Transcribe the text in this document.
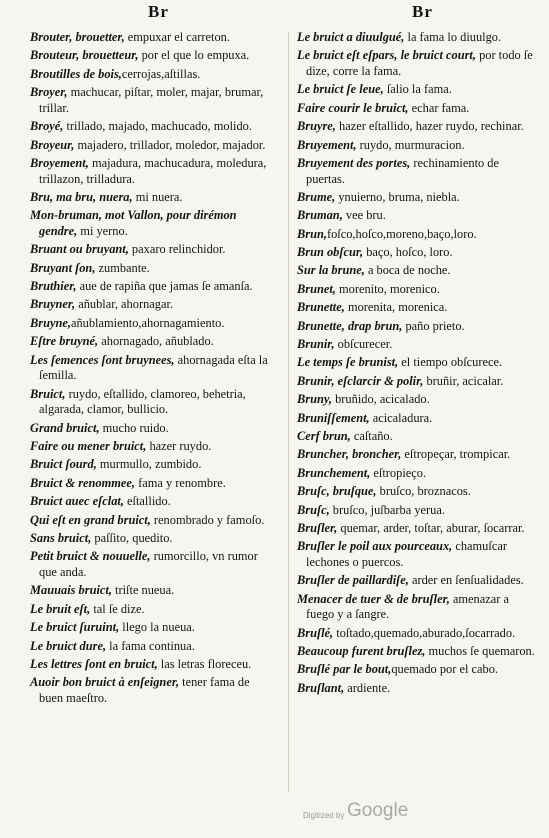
Br	Br

Brouter, brouetter, empuxar el carreton.

Brouteur, brouetteur, por el que lo empuxa.

Broutilles de bois,cerrojas,aſtillas.

Broyer, machucar, piſtar, moler, majar, brumar, trillar.

Broyé, trillado, majado, machucado, molido.

Broyeur, majadero, trillador, moledor, majador.

Broyement, majadura, machucadura, moledura, trillazon, trilladura.

Bru, ma bru, nuera, mi nuera.

Mon-bruman, mot Vallon, pour dirémon gendre, mi yerno.

Bruant ou bruyant, paxaro relinchidor.

Bruyant ſon, zumbante.

Bruthier, aue de rapiña que jamas ſe amanſa.

Bruyner, añublar, ahornagar.

Bruyne,añublamiento,ahornagamiento.

Eſtre bruyné, ahornagado, añublado.

Les ſemences ſont bruynees, ahornagada eſta la ſemilla.

Bruict, ruydo, eſtallido, clamoreo, behetria, algarada, clamor, bullicio.

Grand bruict, mucho ruido.

Faire ou mener bruict, hazer ruydo.

Bruict ſourd, murmullo, zumbido.

Bruict & renommee, fama y renombre.

Bruict auec eſclat, eſtallido.

Qui eſt en grand bruict, renombrado y famoſo.

Sans bruict, paſſito, quedito.

Petit bruict & nouuelle, rumorcillo, vn rumor que anda.

Mauuais bruict, triſte nueua.

Le bruit eſt, tal ſe dize.

Le bruict ſuruint, llego la nueua.

Le bruict dure, la fama continua.

Les lettres ſont en bruict, las letras floreceu.

Auoir bon bruict à enſeigner, tener fama de buen maeſtro.

Le bruict a diuulgué, la fama lo diuulgo.

Le bruict eſt eſpars, le bruict court, por todo ſe dize, corre la fama.

Le bruict ſe leue, ſalio la fama.

Faire courir le bruict, echar fama.

Bruyre, hazer eſtallido, hazer ruydo, rechinar.

Bruyement, ruydo, murmuracion.

Bruyement des portes, rechinamiento de puertas.

Brume, ynuierno, bruma, niebla.

Bruman, vee bru.

Brun,foſco,hoſco,moreno,baço,loro.

Brun obſcur, baço, hoſco, loro.

Sur la brune, a boca de noche.

Brunet, morenito, morenico.

Brunette, morenita, morenica.

Brunette, drap brun, paño prieto.

Brunir, obſcurecer.

Le temps ſe brunist, el tiempo obſcurece.

Brunir, eſclarcir & polir, bruñir, acicalar.

Bruny, bruñido, acicalado.

Bruniſſement, acicaladura.

Cerf brun, caſtaño.

Bruncher, broncher, eſtropeçar, trompicar.

Brunchement, eſtropieço.

Bruſc, bruſque, bruſco, broznacos.

Bruſc, bruſco, juſbarba yerua.

Bruſler, quemar, arder, toſtar, aburar, ſocarrar.

Bruſler le poil aux pourceaux, chamuſcar lechones o puercos.

Bruſler de paillardiſe, arder en ſenſualidades.

Menacer de tuer & de bruſler, amenazar a fuego y a ſangre.

Bruſlé, toſtado,quemado,aburado,ſocarrado.

Beaucoup furent bruſlez, muchos ſe quemaron.

Bruſlé par le bout,quemado por el cabo.

Bruſlant, ardiente.

Digitized by Google
